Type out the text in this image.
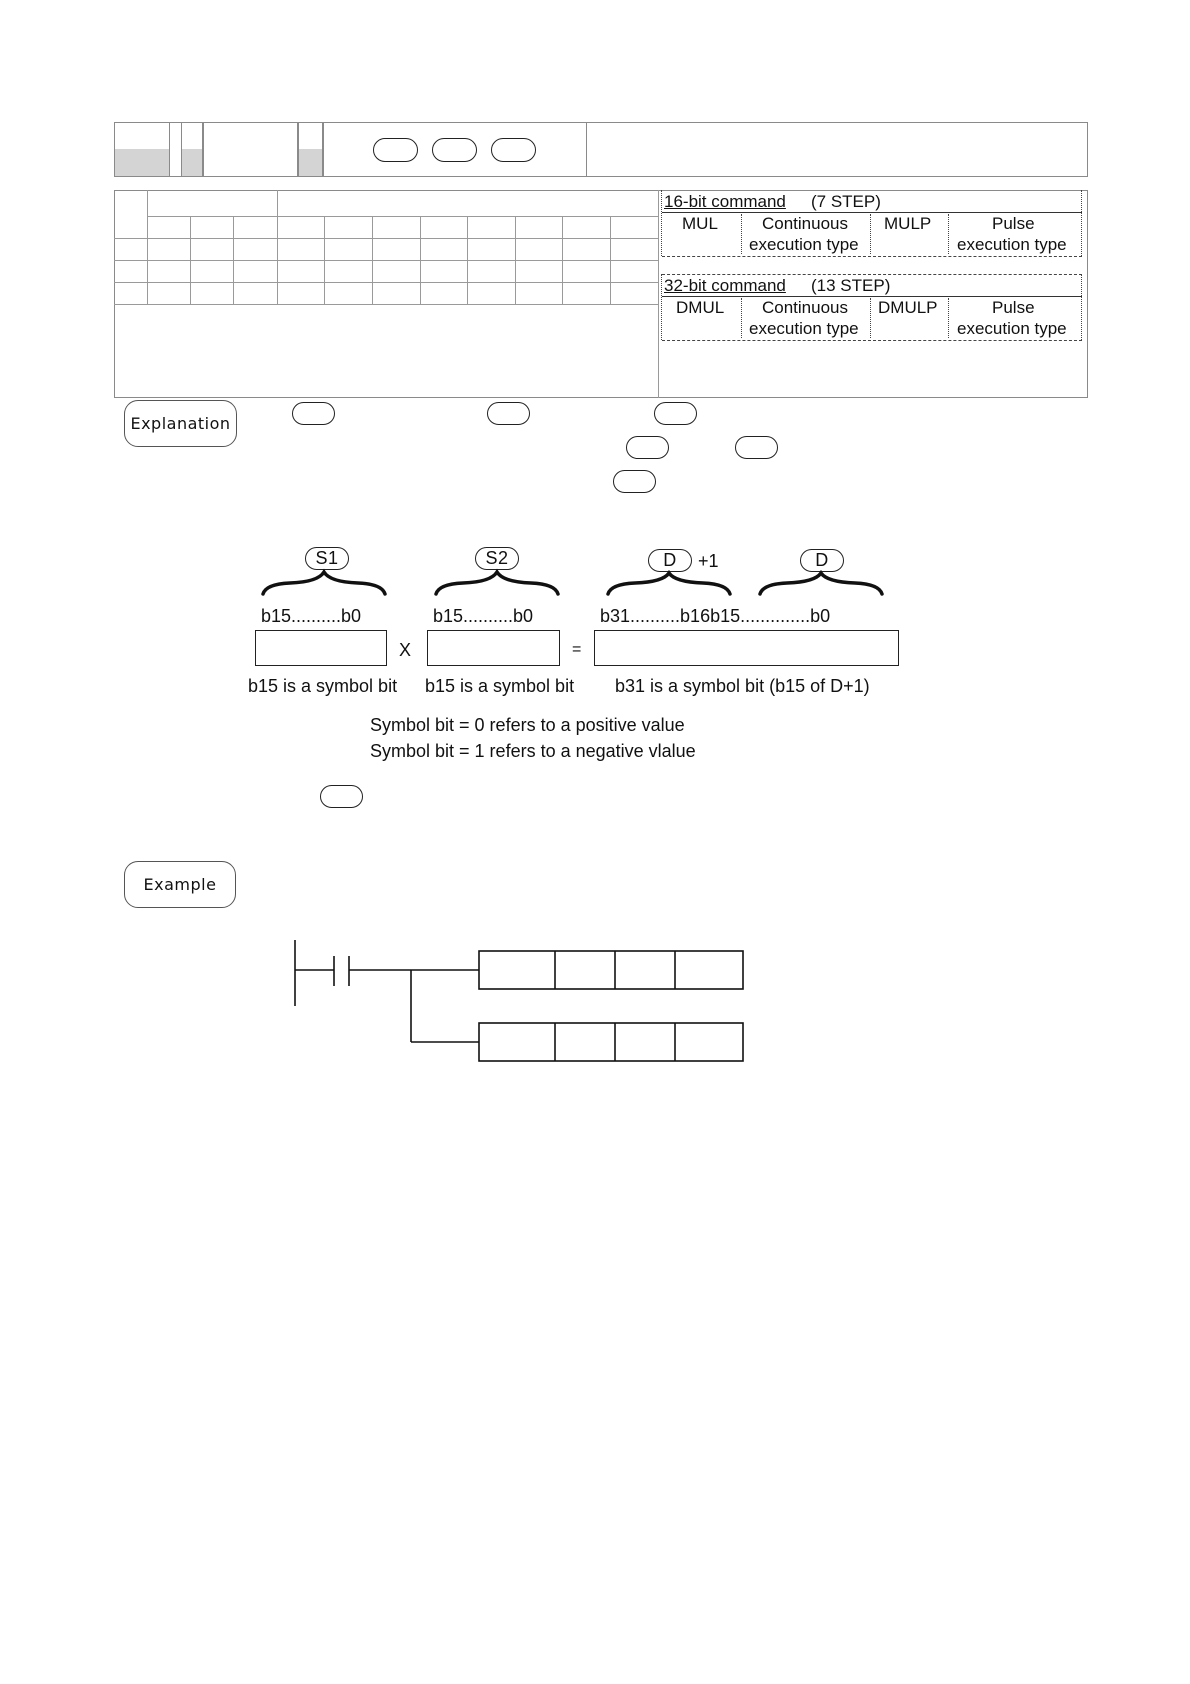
16-bit command (7 STEP)
MUL	Continuous
execution type
MULP	Pulse
execution type
32-bit command (13 STEP)
DMUL Continuous
execution type
DMULP	Pulse
execution type
Explanation
S1	S2	D	+1	D
b15..........b0	b15..........b0	b31..........b16b15..............b0
X	=
b15 is a symbol bit b15 is a symbol bit b31 is a symbol bit (b15 of D+1)
Symbol bit = 0 refers to a positive value
Symbol bit = 1 refers to a negative vlalue
Example
